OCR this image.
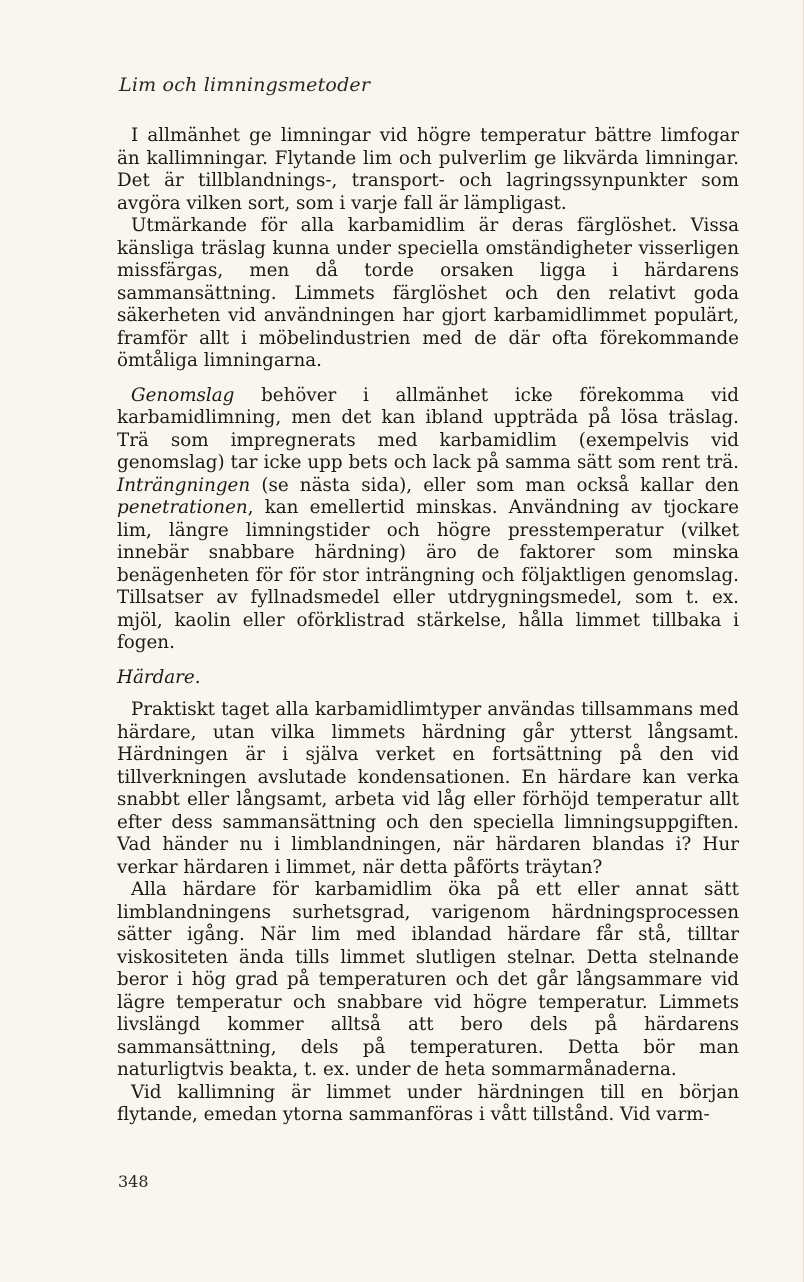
Lim och limningsmetoder

I allmänhet ge limningar vid högre temperatur bättre limfogar än kallimningar. Flytande lim och pulverlim ge likvärda limningar. Det är tillblandnings-, transport- och lagringssynpunkter som avgöra vilken sort, som i varje fall är lämpligast.

Utmärkande för alla karbamidlim är deras färglöshet. Vissa känsliga träslag kunna under speciella omständigheter visserligen missfärgas, men då torde orsaken ligga i härdarens sammansättning. Limmets färglöshet och den relativt goda säkerheten vid användningen har gjort karbamidlimmet populärt, framför allt i möbelindustrien med de där ofta förekommande ömtåliga limningarna.

Genomslag behöver i allmänhet icke förekomma vid karbamidlimning, men det kan ibland uppträda på lösa träslag. Trä som impregnerats med karbamidlim (exempelvis vid genomslag) tar icke upp bets och lack på samma sätt som rent trä. Inträngningen (se nästa sida), eller som man också kallar den penetrationen, kan emellertid minskas. Användning av tjockare lim, längre limningstider och högre presstemperatur (vilket innebär snabbare härdning) äro de faktorer som minska benägenheten för för stor inträngning och följaktligen genomslag. Tillsatser av fyllnadsmedel eller utdrygningsmedel, som t. ex. mjöl, kaolin eller oförklistrad stärkelse, hålla limmet tillbaka i fogen.

Härdare.

Praktiskt taget alla karbamidlimtyper användas tillsammans med härdare, utan vilka limmets härdning går ytterst långsamt. Härdningen är i själva verket en fortsättning på den vid tillverkningen avslutade kondensationen. En härdare kan verka snabbt eller långsamt, arbeta vid låg eller förhöjd temperatur allt efter dess sammansättning och den speciella limningsuppgiften. Vad händer nu i limblandningen, när härdaren blandas i? Hur verkar härdaren i limmet, när detta påförts träytan?

Alla härdare för karbamidlim öka på ett eller annat sätt limblandningens surhetsgrad, varigenom härdningsprocessen sätter igång. När lim med iblandad härdare får stå, tilltar viskositeten ända tills limmet slutligen stelnar. Detta stelnande beror i hög grad på temperaturen och det går långsammare vid lägre temperatur och snabbare vid högre temperatur. Limmets livslängd kommer alltså att bero dels på härdarens sammansättning, dels på temperaturen. Detta bör man naturligtvis beakta, t. ex. under de heta sommarmånaderna.

Vid kallimning är limmet under härdningen till en början flytande, emedan ytorna sammanföras i vått tillstånd. Vid varm-

348
